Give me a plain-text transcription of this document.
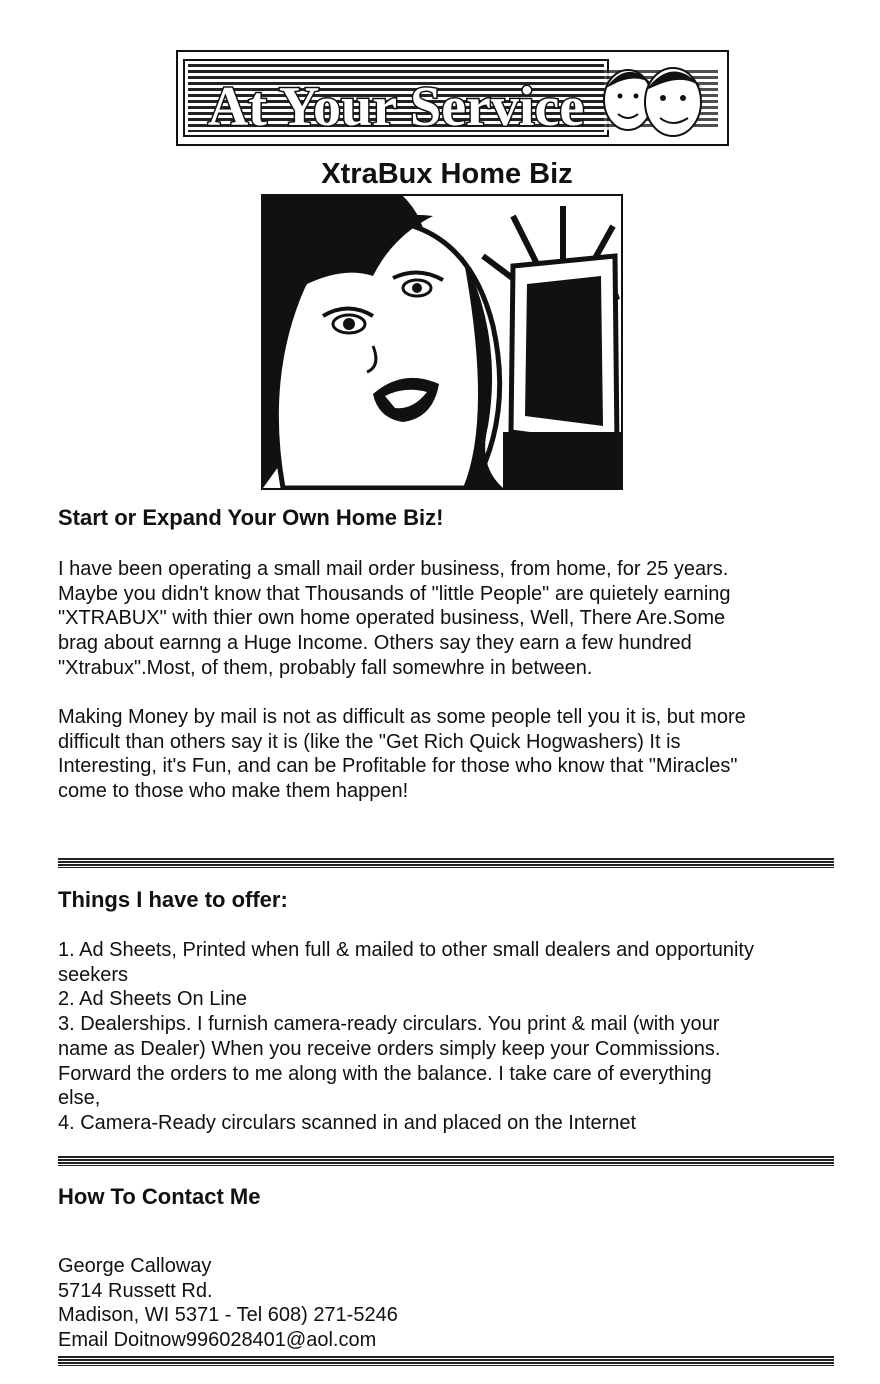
At Your Service
XtraBux Home Biz
Start or Expand Your Own Home Biz!

I have been operating a small mail order business, from home, for 25 years.
Maybe you didn't know that Thousands of "little People" are quietely earning
"XTRABUX" with thier own home operated business, Well, There Are.Some
brag about earnng a Huge Income. Others say they earn a few hundred
"Xtrabux".Most, of them, probably fall somewhre in between.

Making Money by mail is not as difficult as some people tell you it is, but more
difficult than others say it is (like the "Get Rich Quick Hogwashers) It is
Interesting, it's Fun, and can be Profitable for those who know that "Miracles"
come to those who make them happen!

Things I have to offer:
1. Ad Sheets, Printed when full & mailed to other small dealers and opportunity
seekers
2. Ad Sheets On Line
3. Dealerships. I furnish camera-ready circulars. You print & mail (with your
name as Dealer) When you receive orders simply keep your Commissions.
Forward the orders to me along with the balance. I take care of everything
else,
4. Camera-Ready circulars scanned in and placed on the Internet
How To Contact Me
George Calloway
5714 Russett Rd.
Madison, WI 5371 - Tel 608) 271-5246
Email Doitnow996028401@aol.com
